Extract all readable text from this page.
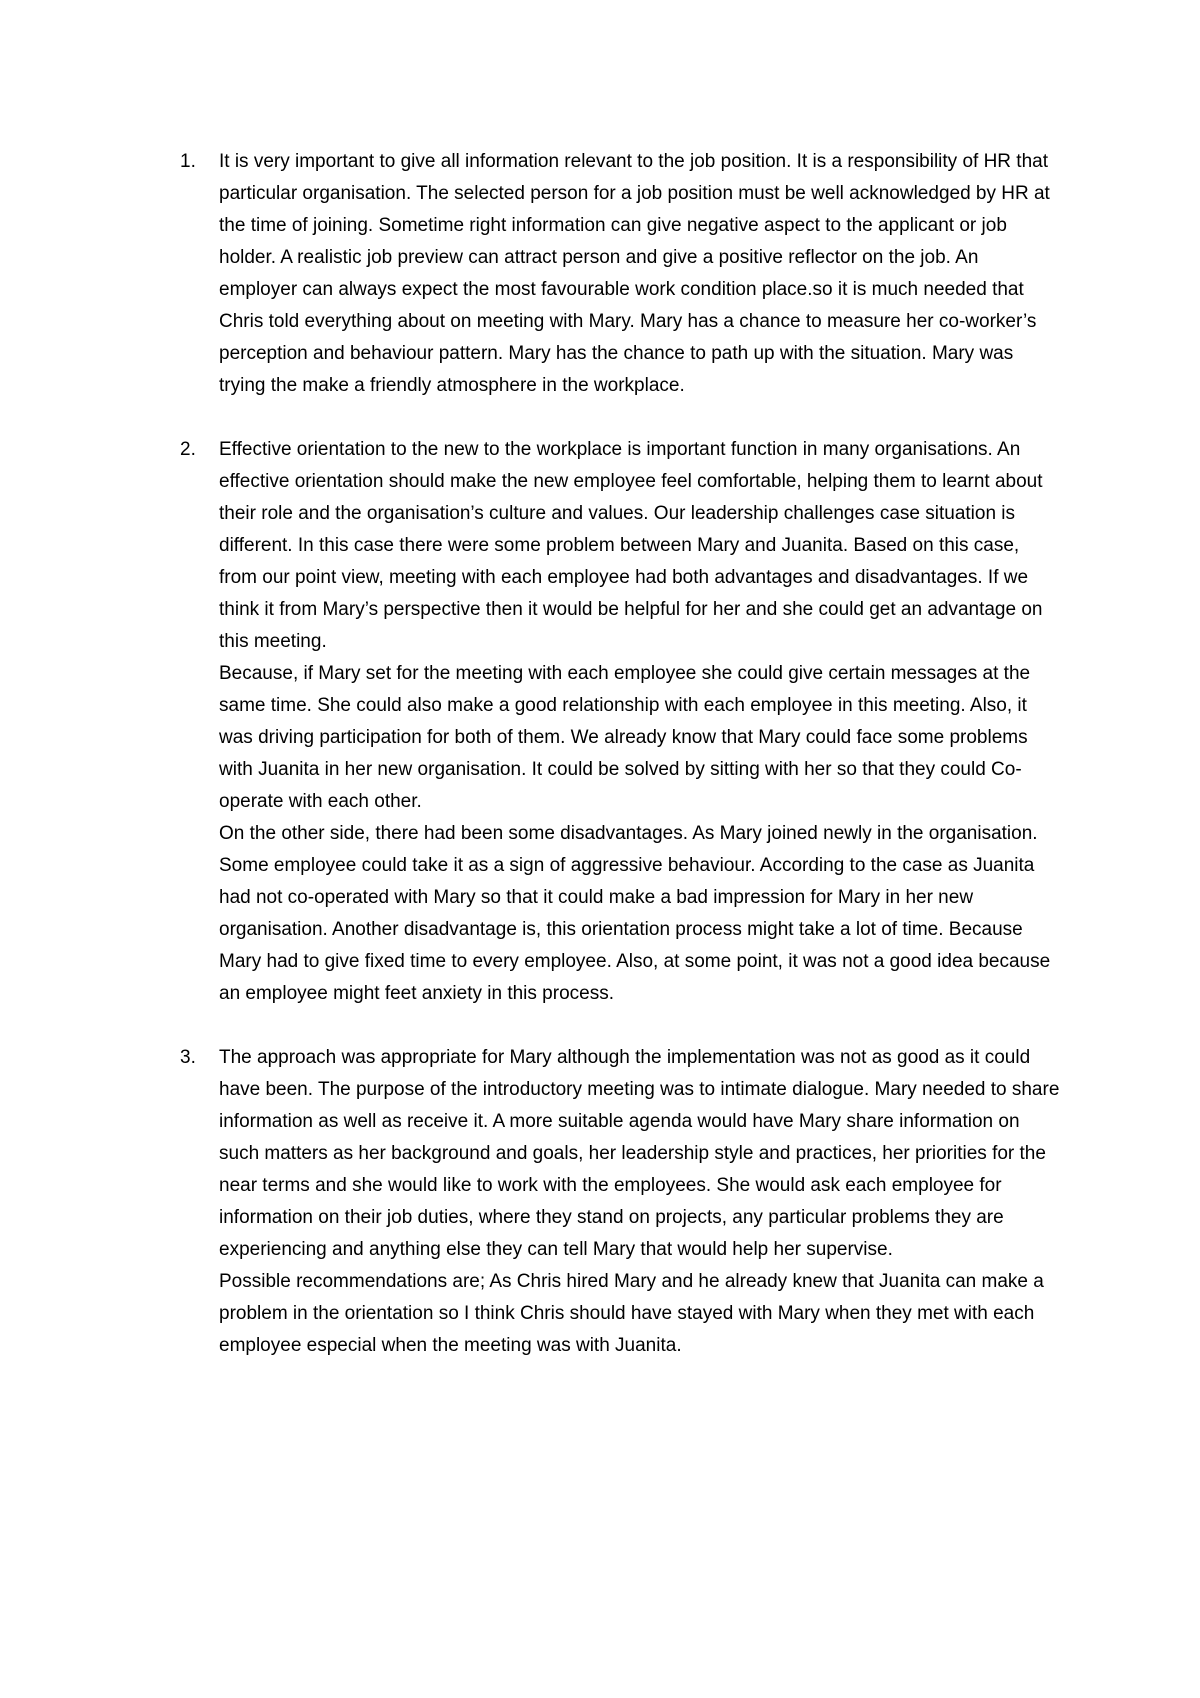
1.	It is very important to give all information relevant to the job position. It is a responsibility of HR that particular organisation. The selected person for a job position must be well acknowledged by HR at the time of joining. Sometime right information can give negative aspect to the applicant or job holder. A realistic job preview can attract person and give a positive reflector on the job. An employer can always expect the most favourable work condition place.so it is much needed that Chris told everything about on meeting with Mary. Mary has a chance to measure her co-worker’s perception and behaviour pattern. Mary has the chance to path up with the situation. Mary was trying the make a friendly atmosphere in the workplace.

2.	Effective orientation to the new to the workplace is important function in many organisations. An effective orientation should make the new employee feel comfortable, helping them to learnt about their role and the organisation’s culture and values. Our leadership challenges case situation is different. In this case there were some problem between Mary and Juanita. Based on this case, from our point view, meeting with each employee had both advantages and disadvantages. If we think it from Mary’s perspective then it would be helpful for her and she could get an advantage on this meeting.

Because, if Mary set for the meeting with each employee she could give certain messages at the same time. She could also make a good relationship with each employee in this meeting. Also, it was driving participation for both of them. We already know that Mary could face some problems with Juanita in her new organisation. It could be solved by sitting with her so that they could Co-operate with each other.

On the other side, there had been some disadvantages. As Mary joined newly in the organisation. Some employee could take it as a sign of aggressive behaviour. According to the case as Juanita had not co-operated with Mary so that it could make a bad impression for Mary in her new organisation. Another disadvantage is, this orientation process might take a lot of time. Because Mary had to give fixed time to every employee. Also, at some point, it was not a good idea because an employee might feet anxiety in this process.

3.	The approach was appropriate for Mary although the implementation was not as good as it could have been. The purpose of the introductory meeting was to intimate dialogue. Mary needed to share information as well as receive it. A more suitable agenda would have Mary share information on such matters as her background and goals, her leadership style and practices, her priorities for the near terms and she would like to work with the employees. She would ask each employee for information on their job duties, where they stand on projects, any particular problems they are experiencing and anything else they can tell Mary that would help her supervise.

Possible recommendations are; As Chris hired Mary and he already knew that Juanita can make a problem in the orientation so I think Chris should have stayed with Mary when they met with each employee especial when the meeting was with Juanita.
